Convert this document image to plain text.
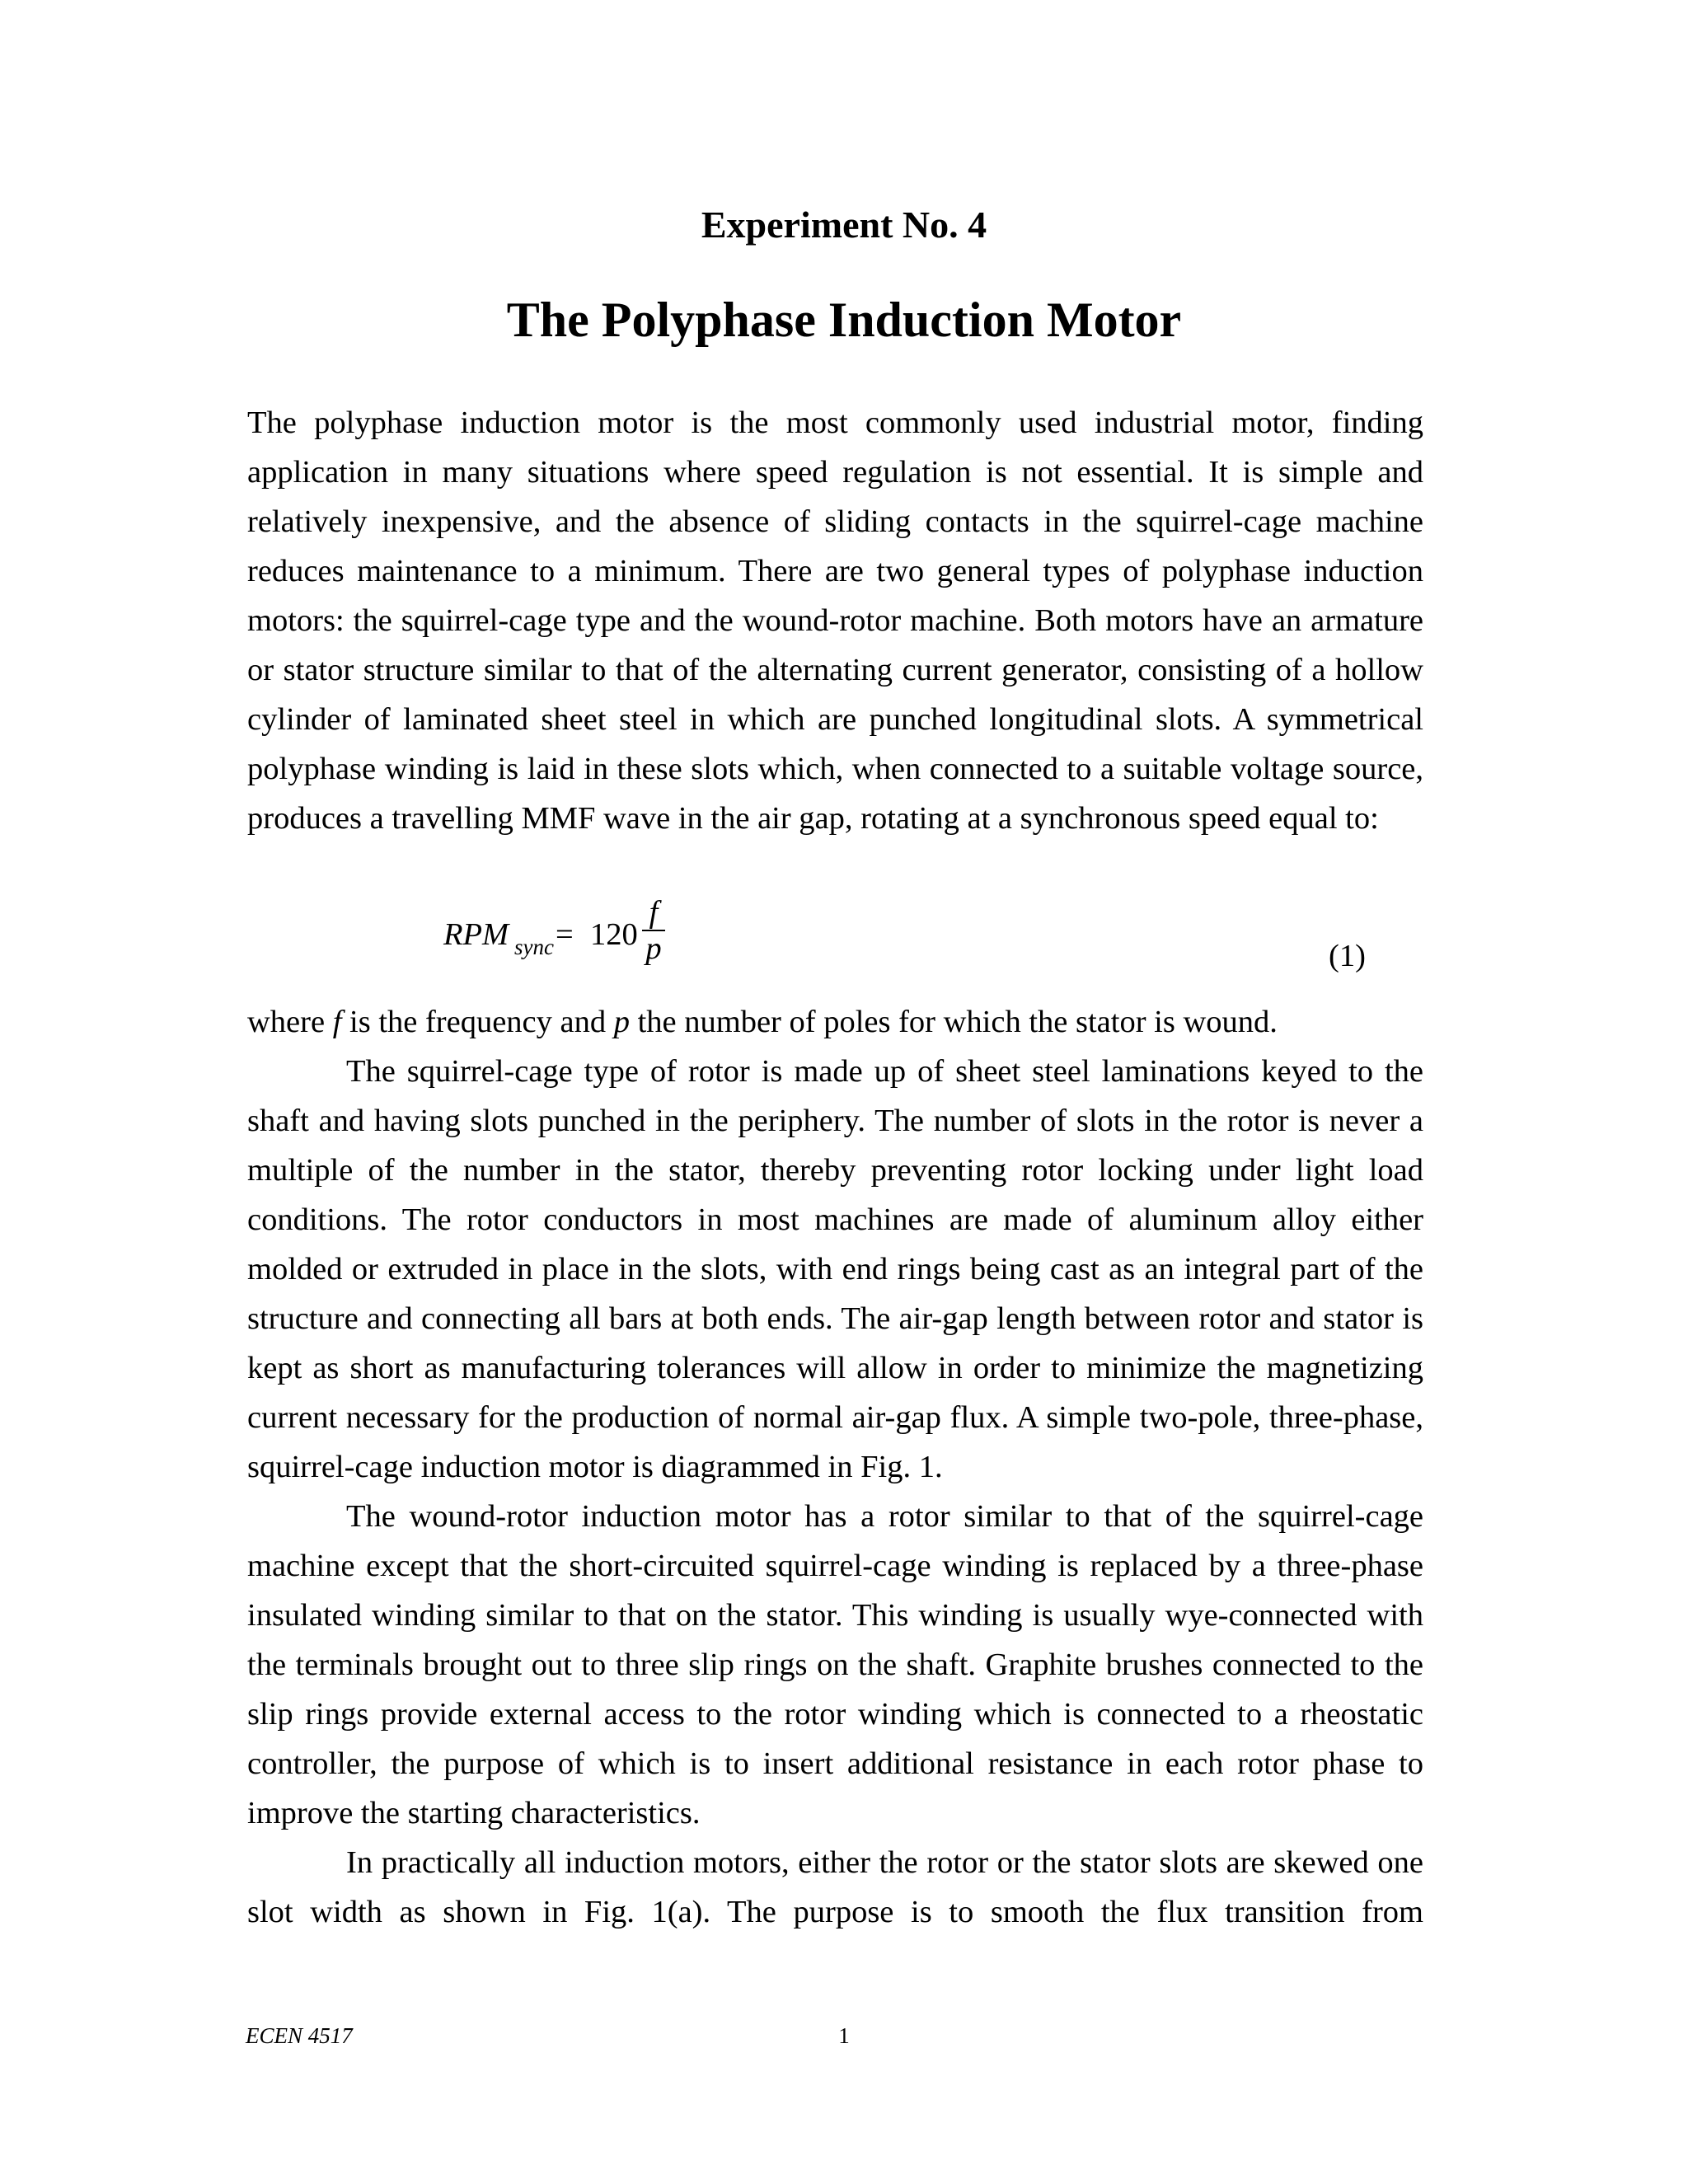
Experiment No. 4
The Polyphase Induction Motor

The polyphase induction motor is the most commonly used industrial motor, finding application in many situations where speed regulation is not essential. It is simple and relatively inexpensive, and the absence of sliding contacts in the squirrel-cage machine reduces maintenance to a minimum. There are two general types of polyphase induction motors: the squirrel-cage type and the wound-rotor machine. Both motors have an armature or stator structure similar to that of the alternating current generator, consisting of a hollow cylinder of laminated sheet steel in which are punched longitudinal slots. A symmetrical polyphase winding is laid in these slots which, when connected to a suitable voltage source, produces a travelling MMF wave in the air gap, rotating at a synchronous speed equal to:

RPM sync = 120
f
p	(1)

where f is the frequency and p the number of poles for which the stator is wound.

The squirrel-cage type of rotor is made up of sheet steel laminations keyed to the shaft and having slots punched in the periphery. The number of slots in the rotor is never a multiple of the number in the stator, thereby preventing rotor locking under light load conditions. The rotor conductors in most machines are made of aluminum alloy either molded or extruded in place in the slots, with end rings being cast as an integral part of the structure and connecting all bars at both ends. The air-gap length between rotor and stator is kept as short as manufacturing tolerances will allow in order to minimize the magnetizing current necessary for the production of normal air-gap flux. A simple two-pole, three-phase, squirrel-cage induction motor is diagrammed in Fig. 1.

The wound-rotor induction motor has a rotor similar to that of the squirrel-cage machine except that the short-circuited squirrel-cage winding is replaced by a three-phase insulated winding similar to that on the stator. This winding is usually wye-connected with the terminals brought out to three slip rings on the shaft. Graphite brushes connected to the slip rings provide external access to the rotor winding which is connected to a rheostatic controller, the purpose of which is to insert additional resistance in each rotor phase to improve the starting characteristics.

In practically all induction motors, either the rotor or the stator slots are skewed one slot width as shown in Fig. 1(a). The purpose is to smooth the flux transition from

ECEN 4517	1
